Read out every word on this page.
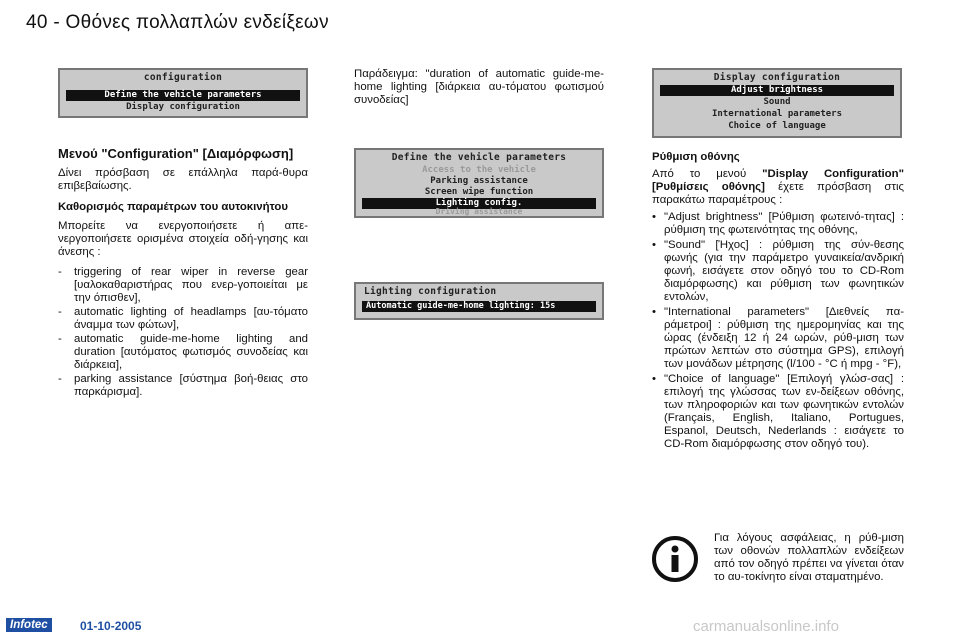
40 - Οθόνες πολλαπλών ενδείξεων
configuration
Define the vehicle parameters
Display configuration
Define the vehicle parameters
Access to the vehicle
Parking assistance
Screen wipe function
Lighting config.
Driving assistance
Lighting configuration
Automatic guide-me-home lighting: 15s
Display configuration
Adjust brightness
Sound
International parameters
Choice of language
Μενού "Configuration" [Διαμόρφωση]

Δίνει πρόσβαση σε επάλληλα παρά-θυρα επιβεβαίωσης.

Καθορισμός παραμέτρων του αυτοκινήτου

Μπορείτε να ενεργοποιήσετε ή απε-νεργοποιήσετε ορισμένα στοιχεία οδή-γησης και άνεσης :

- triggering of rear wiper in reverse gear [υαλοκαθαριστήρας που ενερ-γοποιείται με την όπισθεν],
- automatic lighting of headlamps [αυ-τόματο άναμμα των φώτων],
- automatic guide-me-home lighting and duration [αυτόματος φωτισμός συνοδείας και διάρκεια],
- parking assistance [σύστημα βοή-θειας στο παρκάρισμα].

Παράδειγμα: "duration of automatic guide-me-home lighting [διάρκεια αυ-τόματου φωτισμού συνοδείας]

Ρύθμιση οθόνης

Από το μενού "Display Configuration" [Ρυθμίσεις οθόνης] έχετε πρόσβαση στις παρακάτω παραμέτρους :

• "Adjust brightness" [Ρύθμιση φωτεινό-τητας] : ρύθμιση της φωτεινότητας της οθόνης,
• "Sound" [Ήχος] : ρύθμιση της σύν-θεσης φωνής (για την παράμετρο γυναικεία/ανδρική φωνή, εισάγετε στον οδηγό του το CD-Rom διαμόρφωσης) και ρύθμιση των φωνητικών εντολών,
• "International parameters" [Διεθνείς πα-ράμετροι] : ρύθμιση της ημερομηνίας και της ώρας (ένδειξη 12 ή 24 ωρών, ρύθ-μιση των πρώτων λεπτών στο σύστημα GPS), επιλογή των μονάδων μέτρησης (l/100 - °C ή mpg - °F),
• "Choice of language" [Επιλογή γλώσ-σας] : επιλογή της γλώσσας των εν-δείξεων οθόνης, των πληροφοριών και των φωνητικών εντολών (Français, English, Italiano, Portugues, Espanol, Deutsch, Nederlands : εισάγετε το CD-Rom διαμόρφωσης στον οδηγό του).
Για λόγους ασφάλειας, η ρύθ-μιση των οθονών πολλαπλών ενδείξεων από τον οδηγό πρέπει να γίνεται όταν το αυ-τοκίνητο είναι σταματημένο.
Infotec	01-10-2005	carmanualsonline.info
